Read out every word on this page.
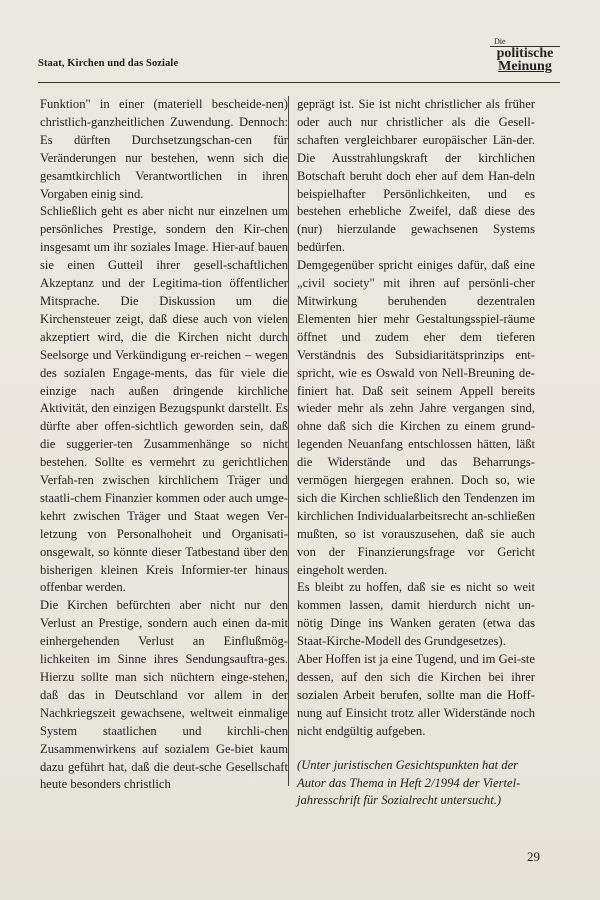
Staat, Kirchen und das Soziale
Die
politische
Meinung

Funktion" in einer (materiell bescheide-nen) christlich-ganzheitlichen Zuwendung. Dennoch: Es dürften Durchsetzungschan-cen für Veränderungen nur bestehen, wenn sich die gesamtkirchlich Verantwortlichen in ihren Vorgaben einig sind.

Schließlich geht es aber nicht nur einzelnen um persönliches Prestige, sondern den Kir-chen insgesamt um ihr soziales Image. Hier-auf bauen sie einen Gutteil ihrer gesell-schaftlichen Akzeptanz und der Legitima-tion öffentlicher Mitsprache. Die Diskussion um die Kirchensteuer zeigt, daß diese auch von vielen akzeptiert wird, die die Kirchen nicht durch Seelsorge und Verkündigung er-reichen – wegen des sozialen Engage-ments, das für viele die einzige nach außen dringende kirchliche Aktivität, den einzigen Bezugspunkt darstellt. Es dürfte aber offen-sichtlich geworden sein, daß die suggerier-ten Zusammenhänge so nicht bestehen. Sollte es vermehrt zu gerichtlichen Verfah-ren zwischen kirchlichem Träger und staatli-chem Finanzier kommen oder auch umge-kehrt zwischen Träger und Staat wegen Ver-letzung von Personalhoheit und Organisati-onsgewalt, so könnte dieser Tatbestand über den bisherigen kleinen Kreis Informier-ter hinaus offenbar werden.

Die Kirchen befürchten aber nicht nur den Verlust an Prestige, sondern auch einen da-mit einhergehenden Verlust an Einflußmög-lichkeiten im Sinne ihres Sendungsauftra-ges. Hierzu sollte man sich nüchtern einge-stehen, daß das in Deutschland vor allem in der Nachkriegszeit gewachsene, weltweit einmalige System staatlichen und kirchli-chen Zusammenwirkens auf sozialem Ge-biet kaum dazu geführt hat, daß die deut-sche Gesellschaft heute besonders christlich

geprägt ist. Sie ist nicht christlicher als früher oder auch nur christlicher als die Gesell-schaften vergleichbarer europäischer Län-der. Die Ausstrahlungskraft der kirchlichen Botschaft beruht doch eher auf dem Han-deln beispielhafter Persönlichkeiten, und es bestehen erhebliche Zweifel, daß diese des (nur) hierzulande gewachsenen Systems bedürfen.

Demgegenüber spricht einiges dafür, daß eine „civil society" mit ihren auf persönli-cher Mitwirkung beruhenden dezentralen Elementen hier mehr Gestaltungsspiel-räume öffnet und zudem eher dem tieferen Verständnis des Subsidiaritätsprinzips ent-spricht, wie es Oswald von Nell-Breuning de-finiert hat. Daß seit seinem Appell bereits wieder mehr als zehn Jahre vergangen sind, ohne daß sich die Kirchen zu einem grund-legenden Neuanfang entschlossen hätten, läßt die Widerstände und das Beharrungs-vermögen hiergegen erahnen. Doch so, wie sich die Kirchen schließlich den Tendenzen im kirchlichen Individualarbeitsrecht an-schließen mußten, so ist vorauszusehen, daß sie auch von der Finanzierungsfrage vor Gericht eingeholt werden.

Es bleibt zu hoffen, daß sie es nicht so weit kommen lassen, damit hierdurch nicht un-nötig Dinge ins Wanken geraten (etwa das Staat-Kirche-Modell des Grundgesetzes).

Aber Hoffen ist ja eine Tugend, und im Gei-ste dessen, auf den sich die Kirchen bei ihrer sozialen Arbeit berufen, sollte man die Hoff-nung auf Einsicht trotz aller Widerstände noch nicht endgültig aufgeben.

(Unter juristischen Gesichtspunkten hat der Autor das Thema in Heft 2/1994 der Viertel-jahresschrift für Sozialrecht untersucht.)

29
